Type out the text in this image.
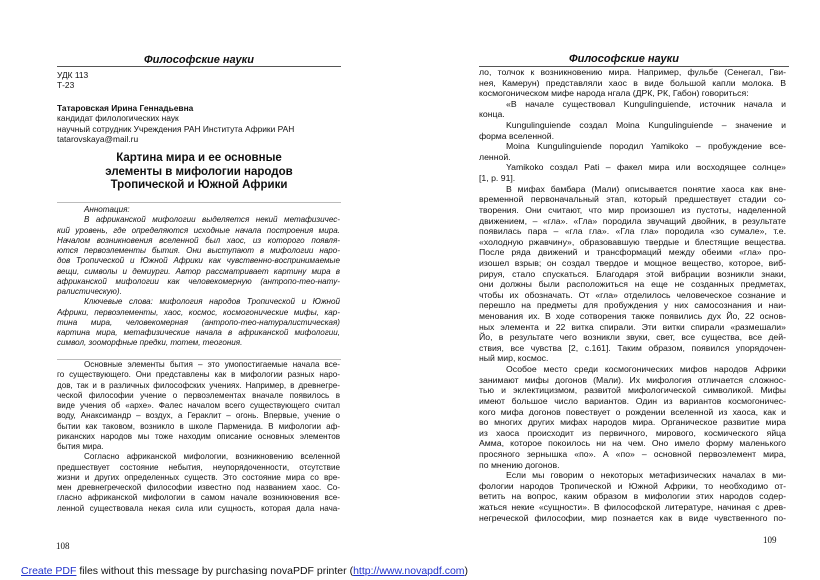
Философские науки
УДК 113
Т-23
Татаровская Ирина Геннадьевна
кандидат филологических наук
научный сотрудник Учреждения РАН Института Африки РАН
tatarovskaya@mail.ru
Картина мира и ее основные
элементы в мифологии народов
Тропической и Южной Африки
Аннотация:
В африканской мифологии выделяется некий метафизичес-
кий уровень, где определяются исходные начала построения мира.
Началом возникновения вселенной был хаос, из которого появля-
ются первоэлементы бытия. Они выступают в мифологии наро-
дов Тропической и Южной Африки как чувственно-воспринимаемые
вещи, символы и демиурги. Автор рассматривает картину мира в
африканской мифологии как человекомерную (антропо-тео-нату-
ралистическую).
Ключевые слова: мифология народов Тропической и Южной
Африки, первоэлементы, хаос, космос, космогонические мифы, кар-
тина мира, человекомерная (антропо-тео-натуралистическая)
картина мира, метафизические начала в африканской мифологии,
символ, зооморфные предки, тотем, теогония.
Основные элементы бытия – это умопостигаемые начала все-
го существующего. Они представлены как в мифологии разных наро-
дов, так и в различных философских учениях. Например, в древнегре-
ческой философии учение о первоэлементах вначале появилось в
виде учения об «архе». Фалес началом всего существующего считал
воду, Анаксимандр – воздух, а Гераклит – огонь. Впервые, учение о
бытии как таковом, возникло в школе Парменида. В мифологии аф-
риканских народов мы тоже находим описание основных элементов
бытия мира.
Согласно африканской мифологии, возникновению вселенной
предшествует состояние небытия, неупорядоченности, отсутствие
жизни и других определенных существ. Это состояние мира со вре-
мен древнегреческой философии известно под названием хаос. Со-
гласно африканской мифологии в самом начале возникновения все-
ленной существовала некая сила или сущность, которая дала нача-
108
Философские науки
ло, толчок к возникновению мира. Например, фульбе (Сенегал, Гви-
нея, Камерун) представляли хаос в виде большой капли молока. В
космогоническом мифе народа нгала (ДРК, РК, Габон) говориться:
«В начале существовал Kungulinguiende, источник начала и
конца.
Kungulinguiende создал Moina Kungulinguiende – значение и
форма вселенной.
Moina Kungulinguiende породил Yamikoko – пробуждение все-
ленной.
Yamikoko создал Pati – факел мира или восходящее солнце»
[1, p. 91].
В мифах бамбара (Мали) описывается понятие хаоса как вне-
временной первоначальный этап, который предшествует стадии со-
творения. Они считают, что мир произошел из пустоты, наделенной
движением, – «гла». «Гла» породила звучащий двойник, в результате
появилась пара – «гла гла». «Гла гла» породила «зо сумале», т.е.
«холодную ржавчину», образовавшую твердые и блестящие вещества.
После ряда движений и трансформаций между обеими «гла» про-
изошел взрыв; он создал твердое и мощное вещество, которое, виб-
рируя, стало спускаться. Благодаря этой вибрации возникли знаки,
они должны были расположиться на еще не созданных предметах,
чтобы их обозначать. От «гла» отделилось человеческое сознание и
перешло на предметы для пробуждения у них самосознания и наи-
менования их. В ходе сотворения также появились дух Йо, 22 основ-
ных элемента и 22 витка спирали. Эти витки спирали «размешали»
Йо, в результате чего возникли звуки, свет, все существа, все дей-
ствия, все чувства [2, с.161]. Таким образом, появился упорядочен-
ный мир, космос.
Особое место среди космогонических мифов народов Африки
занимают мифы догонов (Мали). Их мифология отличается сложнос-
тью и эклектицизмом, развитой мифологической символикой. Мифы
имеют большое число вариантов. Один из вариантов космогоничес-
кого мифа догонов повествует о рождении вселенной из хаоса, как и
во многих других мифах народов мира. Органическое развитие мира
из хаоса происходит из первичного, мирового, космического яйца
Амма, которое покоилось ни на чем. Оно имело форму маленького
просяного зернышка «по». А «по» – основной первоэлемент мира,
по мнению догонов.
Если мы говорим о некоторых метафизических началах в ми-
фологии народов Тропической и Южной Африки, то необходимо от-
ветить на вопрос, каким образом в мифологии этих народов содер-
жаться некие «сущности». В философской литературе, начиная с древ-
негреческой философии, мир познается как в виде чувственного по-
109
Create PDF files without this message by purchasing novaPDF printer (http://www.novapdf.com)
